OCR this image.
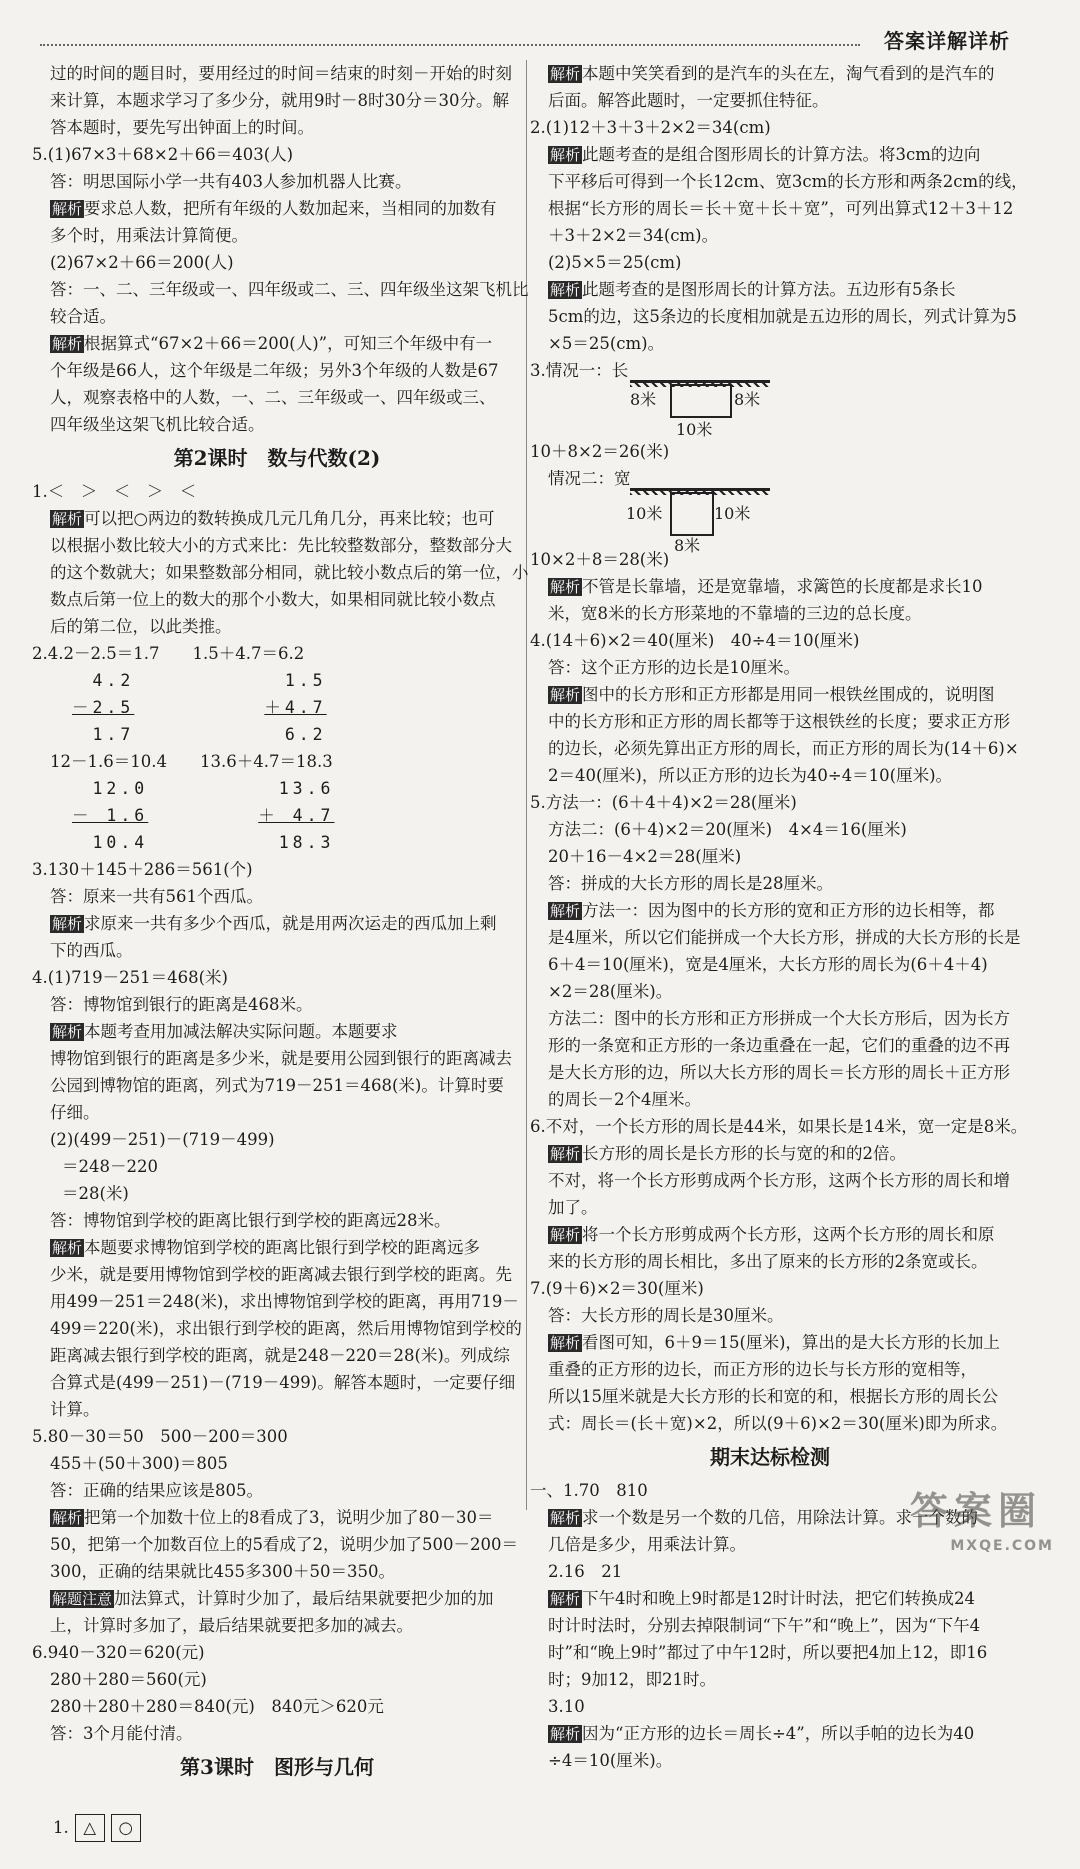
答案详解详析
过的时间的题目时，要用经过的时间＝结束的时刻－开始的时刻
来计算，本题求学习了多少分，就用9时－8时30分＝30分。解
答本题时，要先写出钟面上的时间。
5.(1)67×3＋68×2＋66＝403(人)
答：明思国际小学一共有403人参加机器人比赛。
解析 要求总人数，把所有年级的人数加起来，当相同的加数有
多个时，用乘法计算简便。
(2)67×2＋66＝200(人)
答：一、二、三年级或一、四年级或二、三、四年级坐这架飞机比
较合适。
解析 根据算式“67×2＋66＝200(人)”，可知三个年级中有一
个年级是66人，这个年级是二年级；另外3个年级的人数是67
人，观察表格中的人数，一、二、三年级或一、四年级或三、
四年级坐这架飞机比较合适。
第2课时　数与代数(2)
1.＜　＞　＜　＞　＜
解析 可以把○两边的数转换成几元几角几分，再来比较；也可
以根据小数比较大小的方式来比：先比较整数部分，整数部分大
的这个数就大；如果整数部分相同，就比较小数点后的第一位，小
数点后第一位上的数大的那个小数大，如果相同就比较小数点
后的第二位，以此类推。
2.4.2－2.5＝1.7　　1.5＋4.7＝6.2
　4.2
－2.5
　1.7
　1.5
＋4.7
　6.2
12－1.6＝10.4　　13.6＋4.7＝18.3
　12.0
－ 1.6
　10.4
　13.6
＋ 4.7
　18.3
3.130＋145＋286＝561(个)
答：原来一共有561个西瓜。
解析 求原来一共有多少个西瓜，就是用两次运走的西瓜加上剩
下的西瓜。
4.(1)719－251＝468(米)
答：博物馆到银行的距离是468米。
解析 本题考查用加减法解决实际问题。本题要求
博物馆到银行的距离是多少米，就是要用公园到银行的距离减去
公园到博物馆的距离，列式为719－251＝468(米)。计算时要
仔细。
(2)(499－251)－(719－499)
＝248－220
＝28(米)
答：博物馆到学校的距离比银行到学校的距离远28米。
解析 本题要求博物馆到学校的距离比银行到学校的距离远多
少米，就是要用博物馆到学校的距离减去银行到学校的距离。先
用499－251＝248(米)，求出博物馆到学校的距离，再用719－
499＝220(米)，求出银行到学校的距离，然后用博物馆到学校的
距离减去银行到学校的距离，就是248－220＝28(米)。列成综
合算式是(499－251)－(719－499)。解答本题时，一定要仔细
计算。
5.80－30＝50　500－200＝300
455＋(50＋300)＝805
答：正确的结果应该是805。
解析 把第一个加数十位上的8看成了3，说明少加了80－30＝
50，把第一个加数百位上的5看成了2，说明少加了500－200＝
300，正确的结果就比455多300＋50＝350。
解题注意 加法算式，计算时少加了，最后结果就要把少加的加
上，计算时多加了，最后结果就要把多加的减去。
6.940－320＝620(元)
280＋280＝560(元)
280＋280＋280＝840(元)　840元＞620元
答：3个月能付清。
第3课时　图形与几何

1. △ ○

解析 本题中笑笑看到的是汽车的头在左，淘气看到的是汽车的
后面。解答此题时，一定要抓住特征。
2.(1)12＋3＋3＋2×2＝34(cm)
解析 此题考查的是组合图形周长的计算方法。将3cm的边向
下平移后可得到一个长12cm、宽3cm的长方形和两条2cm的线，
根据“长方形的周长＝长＋宽＋长＋宽”，可列出算式12＋3＋12
＋3＋2×2＝34(cm)。
(2)5×5＝25(cm)
解析 此题考查的是图形周长的计算方法。五边形有5条长
5cm的边，这5条边的长度相加就是五边形的周长，列式计算为5
×5＝25(cm)。
3.情况一：长
8米	8米
10米
10＋8×2＝26(米)
情况二：宽
10米	10米
8米
10×2＋8＝28(米)
解析 不管是长靠墙，还是宽靠墙，求篱笆的长度都是求长10
米，宽8米的长方形菜地的不靠墙的三边的总长度。
4.(14＋6)×2＝40(厘米)　40÷4＝10(厘米)
答：这个正方形的边长是10厘米。
解析 图中的长方形和正方形都是用同一根铁丝围成的，说明图
中的长方形和正方形的周长都等于这根铁丝的长度；要求正方形
的边长，必须先算出正方形的周长，而正方形的周长为(14＋6)×
2＝40(厘米)，所以正方形的边长为40÷4＝10(厘米)。
5.方法一：(6＋4＋4)×2＝28(厘米)
方法二：(6＋4)×2＝20(厘米)　4×4＝16(厘米)
20＋16－4×2＝28(厘米)
答：拼成的大长方形的周长是28厘米。
解析 方法一：因为图中的长方形的宽和正方形的边长相等，都
是4厘米，所以它们能拼成一个大长方形，拼成的大长方形的长是
6＋4＝10(厘米)，宽是4厘米，大长方形的周长为(6＋4＋4)
×2＝28(厘米)。
方法二：图中的长方形和正方形拼成一个大长方形后，因为长方
形的一条宽和正方形的一条边重叠在一起，它们的重叠的边不再
是大长方形的边，所以大长方形的周长＝长方形的周长＋正方形
的周长－2个4厘米。
6.不对，一个长方形的周长是44米，如果长是14米，宽一定是8米。
解析 长方形的周长是长方形的长与宽的和的2倍。
不对，将一个长方形剪成两个长方形，这两个长方形的周长和增
加了。
解析 将一个长方形剪成两个长方形，这两个长方形的周长和原
来的长方形的周长相比，多出了原来的长方形的2条宽或长。
7.(9＋6)×2＝30(厘米)
答：大长方形的周长是30厘米。
解析 看图可知，6＋9＝15(厘米)，算出的是大长方形的长加上
重叠的正方形的边长，而正方形的边长与长方形的宽相等，
所以15厘米就是大长方形的长和宽的和，根据长方形的周长公
式：周长＝(长＋宽)×2，所以(9＋6)×2＝30(厘米)即为所求。
期末达标检测
一、1.70　810
解析 求一个数是另一个数的几倍，用除法计算。求一个数的
几倍是多少，用乘法计算。
2.16　21
解析 下午4时和晚上9时都是12时计时法，把它们转换成24
时计时法时，分别去掉限制词“下午”和“晚上”，因为“下午4
时”和“晚上9时”都过了中午12时，所以要把4加上12，即16
时；9加12，即21时。
3.10
解析 因为“正方形的边长＝周长÷4”，所以手帕的边长为40
÷4＝10(厘米)。
答案圈
MXQE.COM
